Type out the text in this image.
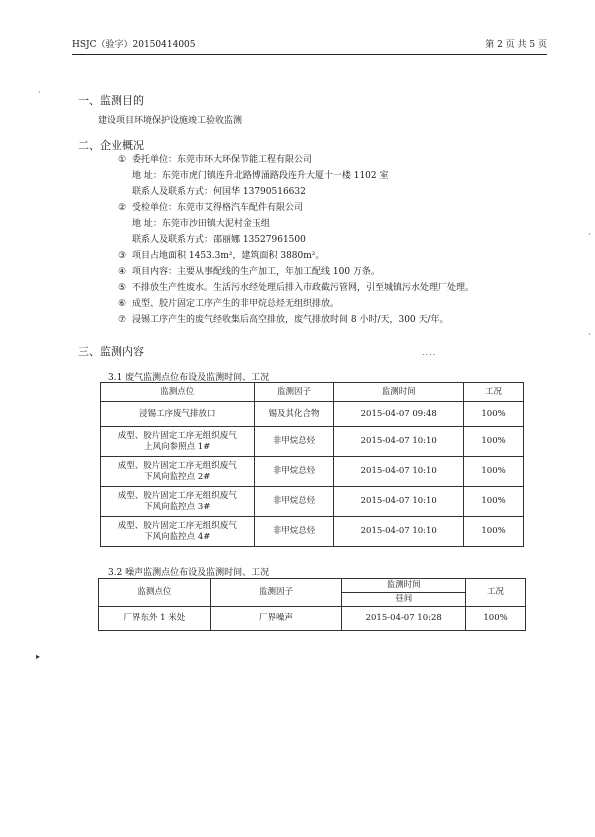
HSJC（验字）20150414005	第 2 页 共 5 页
一、监测目的
建设项目环境保护设施竣工验收监测
二、企业概况
① 委托单位：东莞市环大环保节能工程有限公司
地 址：东莞市虎门镇连升北路博涌路段连升大厦十一楼 1102 室
联系人及联系方式：何国华 13790516632
② 受检单位：东莞市艾得格汽车配件有限公司
地 址：东莞市沙田镇大泥村金玉组
联系人及联系方式：邵丽娜 13527961500
③ 项目占地面积 1453.3m²，建筑面积 3880m²。
④ 项目内容：主要从事配线的生产加工，年加工配线 100 万条。
⑤ 不排放生产性废水。生活污水经处理后排入市政截污管网，引至城镇污水处理厂处理。
⑥ 成型、胶片固定工序产生的非甲烷总烃无组织排放。
⑦ 浸锡工序产生的废气经收集后高空排放，废气排放时间 8 小时/天，300 天/年。
三、监测内容	....
3.1 废气监测点位布设及监测时间、工况
监测点位	监测因子	监测时间	工况
浸锡工序废气排放口	锡及其化合物	2015-04-07 09:48	100%
成型、胶片固定工序无组织废气
上风向参照点 1#	非甲烷总烃	2015-04-07 10:10	100%
成型、胶片固定工序无组织废气
下风向监控点 2#	非甲烷总烃	2015-04-07 10:10	100%
成型、胶片固定工序无组织废气
下风向监控点 3#	非甲烷总烃	2015-04-07 10:10	100%
成型、胶片固定工序无组织废气
下风向监控点 4#	非甲烷总烃	2015-04-07 10:10	100%
3.2 噪声监测点位布设及监测时间、工况
监测点位	监测因子	监测时间	工况
		昼间	
厂界东外 1 米处	厂界噪声	2015-04-07 10:28	100%
·
▸
·
·
